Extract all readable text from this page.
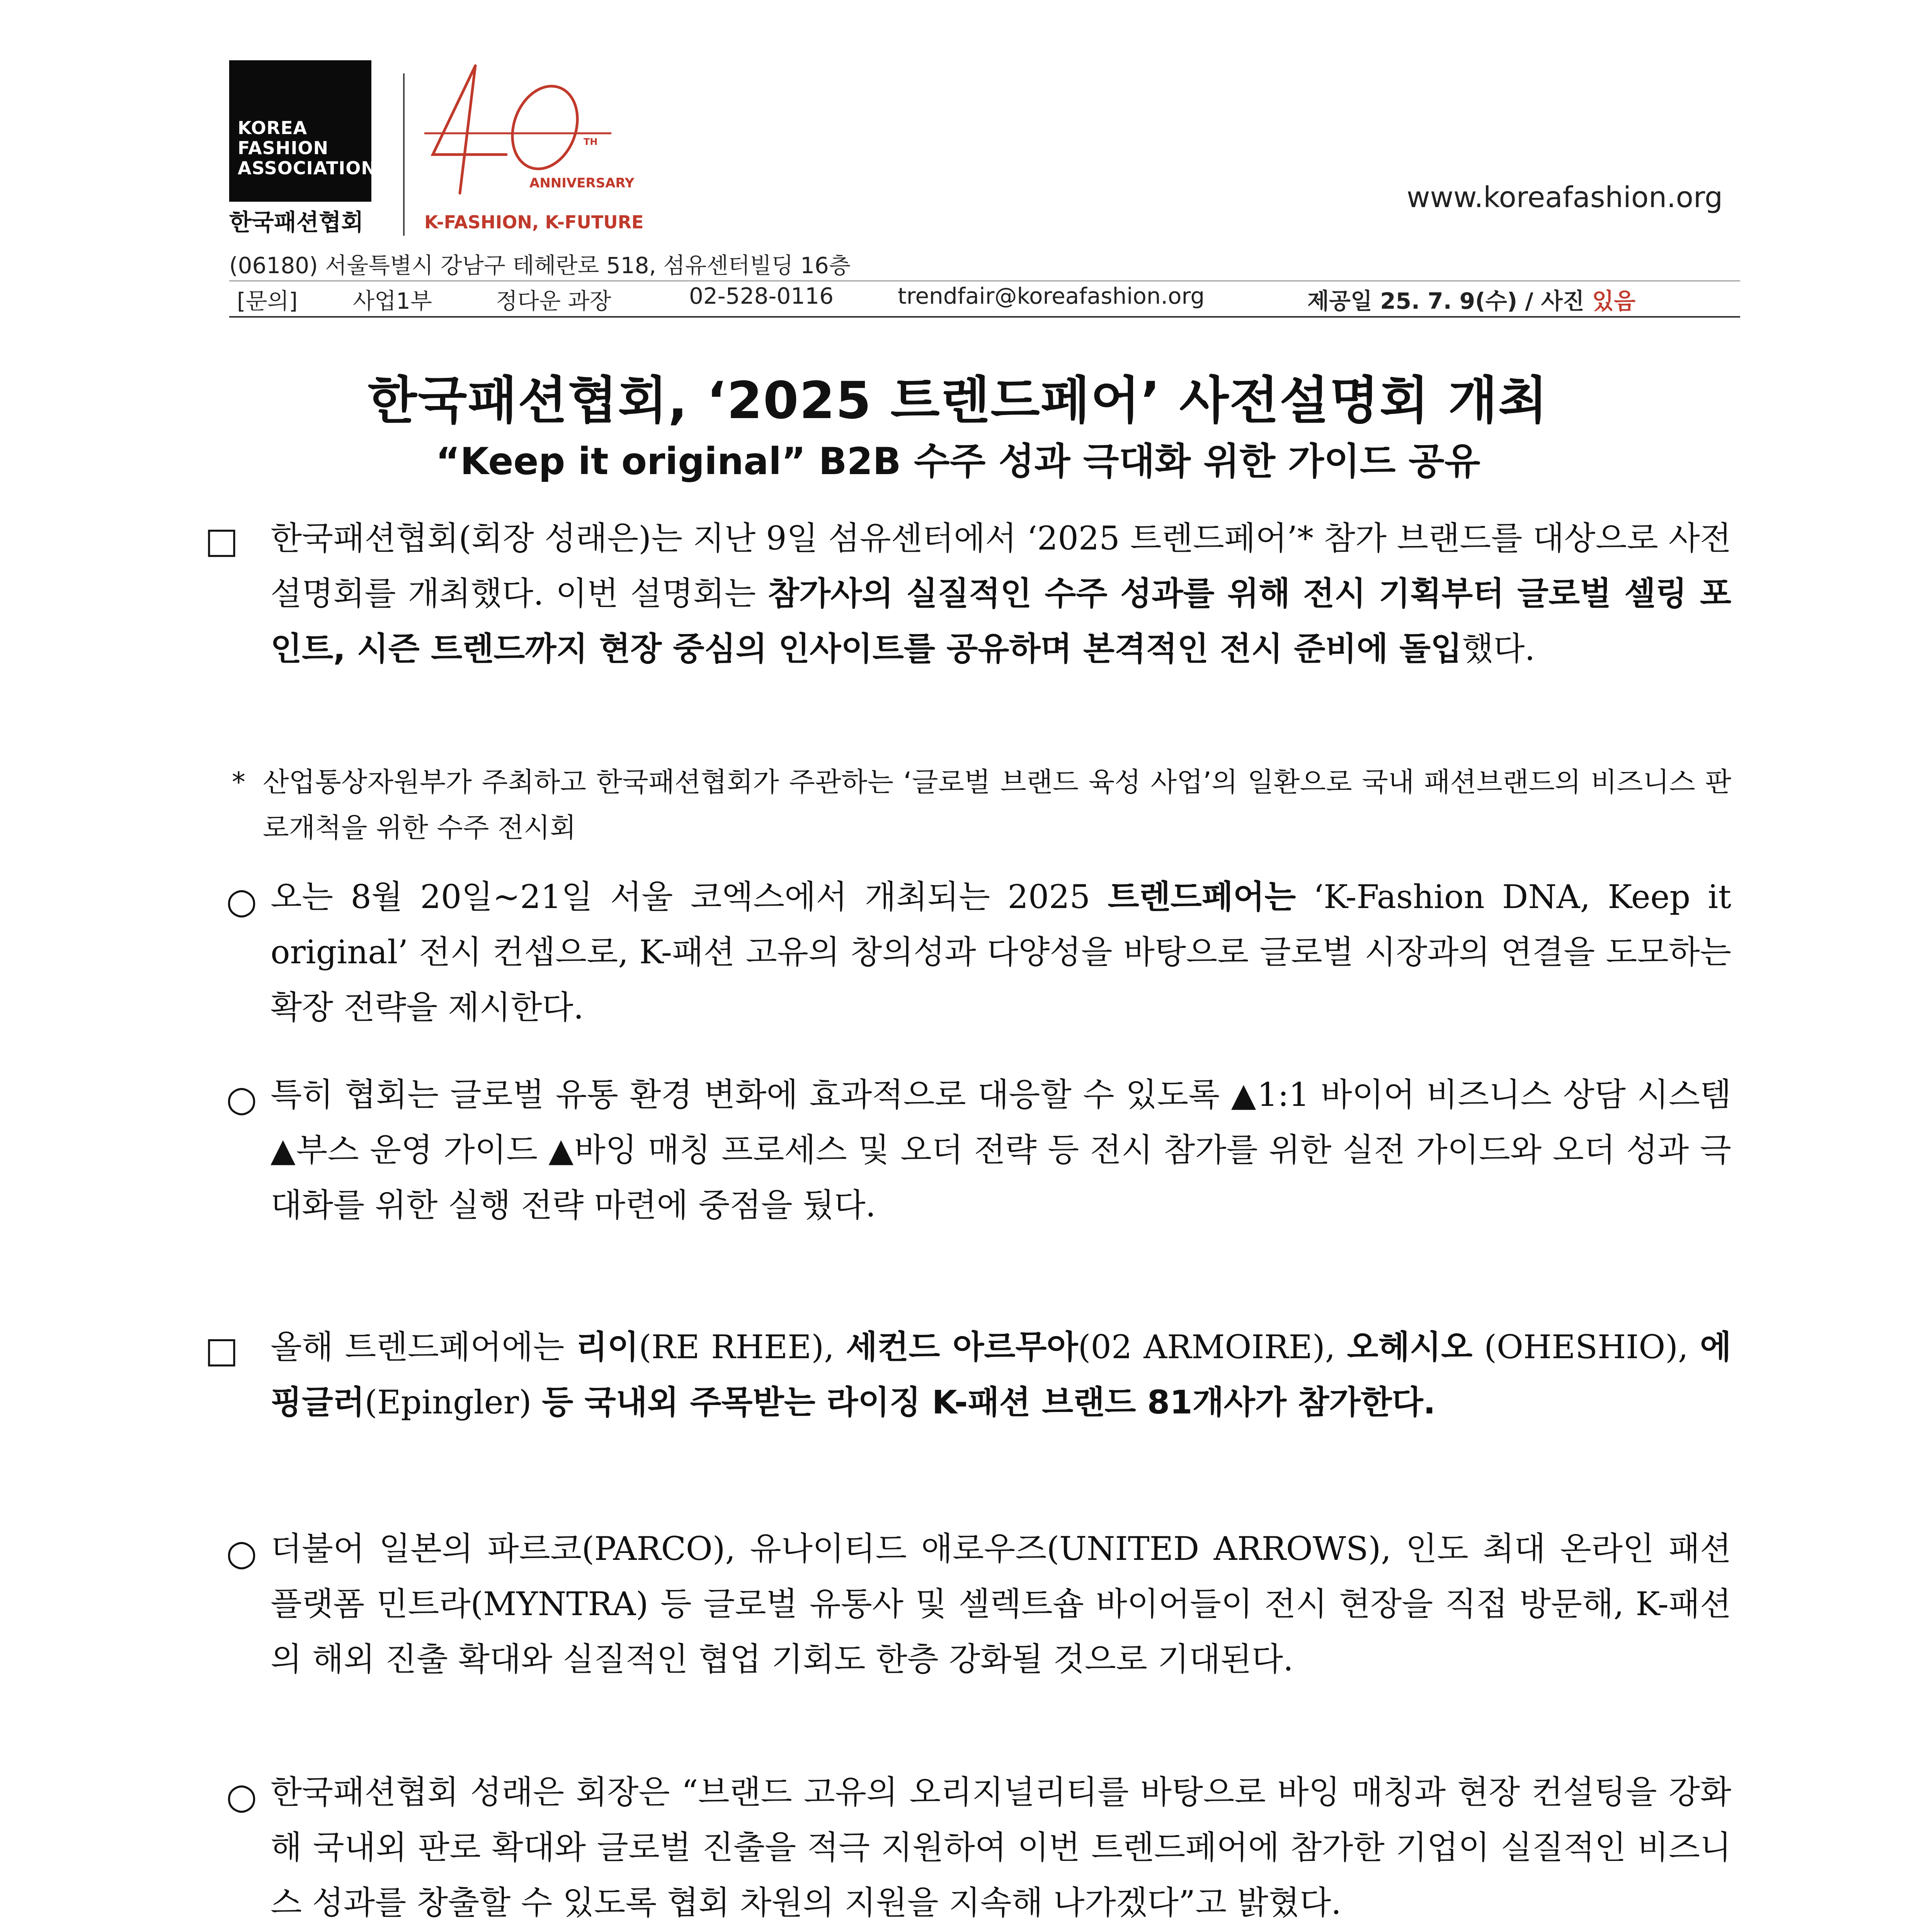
KOREA
FASHION
ASSOCIATION
한국패션협회
TH
ANNIVERSARY
K-FASHION, K-FUTURE
www.koreafashion.org
(06180) 서울특별시 강남구 테헤란로 518, 섬유센터빌딩 16층
[문의] 사업1부	정다운 과장	02-528-0116	trendfair@koreafashion.org	제공일 25. 7. 9(수) / 사진 있음
한국패션협회, ‘2025 트렌드페어’ 사전설명회 개최
“Keep it original” B2B 수주 성과 극대화 위한 가이드 공유
□ 한국패션협회(회장 성래은)는 지난 9일 섬유센터에서 ‘2025 트렌드페어’* 참가 브랜드를 대상으로 사전설명회를 개최했다. 이번 설명회는 참가사의 실질적인 수주 성과를 위해 전시 기획부터 글로벌 셀링 포인트, 시즌 트렌드까지 현장 중심의 인사이트를 공유하며 본격적인 전시 준비에 돌입했다.
* 산업통상자원부가 주최하고 한국패션협회가 주관하는 ‘글로벌 브랜드 육성 사업’의 일환으로 국내 패션브랜드의 비즈니스 판로개척을 위한 수주 전시회
○ 오는 8월 20일~21일 서울 코엑스에서 개최되는 2025 트렌드페어는 ‘K-Fashion DNA, Keep it original’ 전시 컨셉으로, K-패션 고유의 창의성과 다양성을 바탕으로 글로벌 시장과의 연결을 도모하는 확장 전략을 제시한다.
○ 특히 협회는 글로벌 유통 환경 변화에 효과적으로 대응할 수 있도록 ▲1:1 바이어 비즈니스 상담 시스템 ▲부스 운영 가이드 ▲바잉 매칭 프로세스 및 오더 전략 등 전시 참가를 위한 실전 가이드와 오더 성과 극대화를 위한 실행 전략 마련에 중점을 뒀다.
□ 올해 트렌드페어에는 리이(RE RHEE), 세컨드 아르무아(02 ARMOIRE), 오헤시오 (OHESHIO), 에핑글러(Epingler) 등 국내외 주목받는 라이징 K-패션 브랜드 81개사가 참가한다.
○ 더불어 일본의 파르코(PARCO), 유나이티드 애로우즈(UNITED ARROWS), 인도 최대 온라인 패션 플랫폼 민트라(MYNTRA) 등 글로벌 유통사 및 셀렉트숍 바이어들이 전시 현장을 직접 방문해, K-패션의 해외 진출 확대와 실질적인 협업 기회도 한층 강화될 것으로 기대된다.
○ 한국패션협회 성래은 회장은 “브랜드 고유의 오리지널리티를 바탕으로 바잉 매칭과 현장 컨설팅을 강화해 국내외 판로 확대와 글로벌 진출을 적극 지원하여 이번 트렌드페어에 참가한 기업이 실질적인 비즈니스 성과를 창출할 수 있도록 협회 차원의 지원을 지속해 나가겠다”고 밝혔다.
